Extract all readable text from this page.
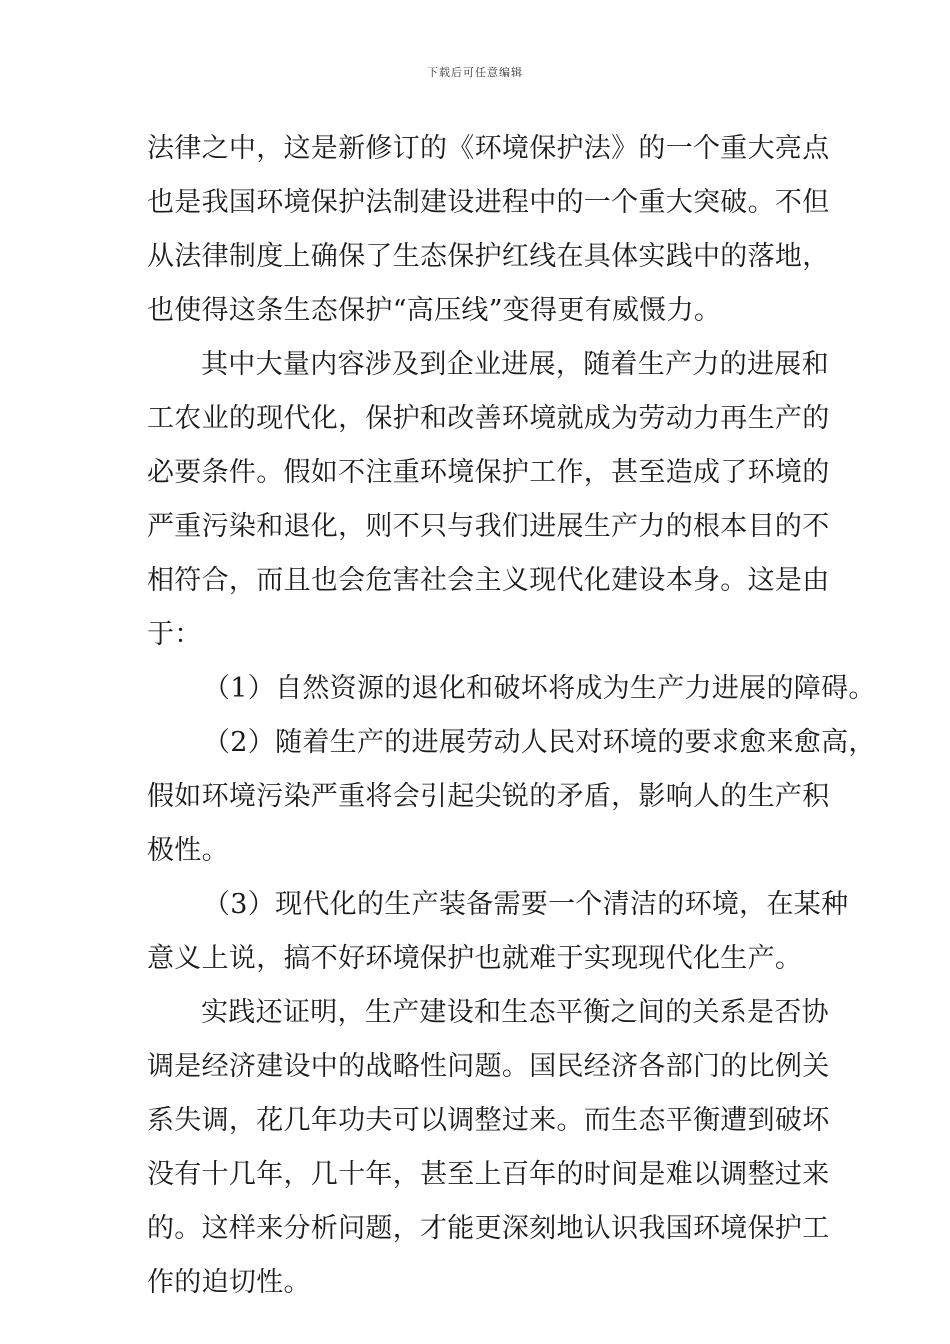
下载后可任意编辑
法律之中，这是新修订的《环境保护法》的一个重大亮点
也是我国环境保护法制建设进程中的一个重大突破。不但
从法律制度上确保了生态保护红线在具体实践中的落地，
也使得这条生态保护“高压线”变得更有威慑力。
其中大量内容涉及到企业进展，随着生产力的进展和
工农业的现代化，保护和改善环境就成为劳动力再生产的
必要条件。假如不注重环境保护工作，甚至造成了环境的
严重污染和退化，则不只与我们进展生产力的根本目的不
相符合，而且也会危害社会主义现代化建设本身。这是由
于：
（1）自然资源的退化和破坏将成为生产力进展的障碍。
（2）随着生产的进展劳动人民对环境的要求愈来愈高，
假如环境污染严重将会引起尖锐的矛盾，影响人的生产积
极性。
（3）现代化的生产装备需要一个清洁的环境，在某种
意义上说，搞不好环境保护也就难于实现现代化生产。
实践还证明，生产建设和生态平衡之间的关系是否协
调是经济建设中的战略性问题。国民经济各部门的比例关
系失调，花几年功夫可以调整过来。而生态平衡遭到破坏
没有十几年，几十年，甚至上百年的时间是难以调整过来
的。这样来分析问题，才能更深刻地认识我国环境保护工
作的迫切性。
